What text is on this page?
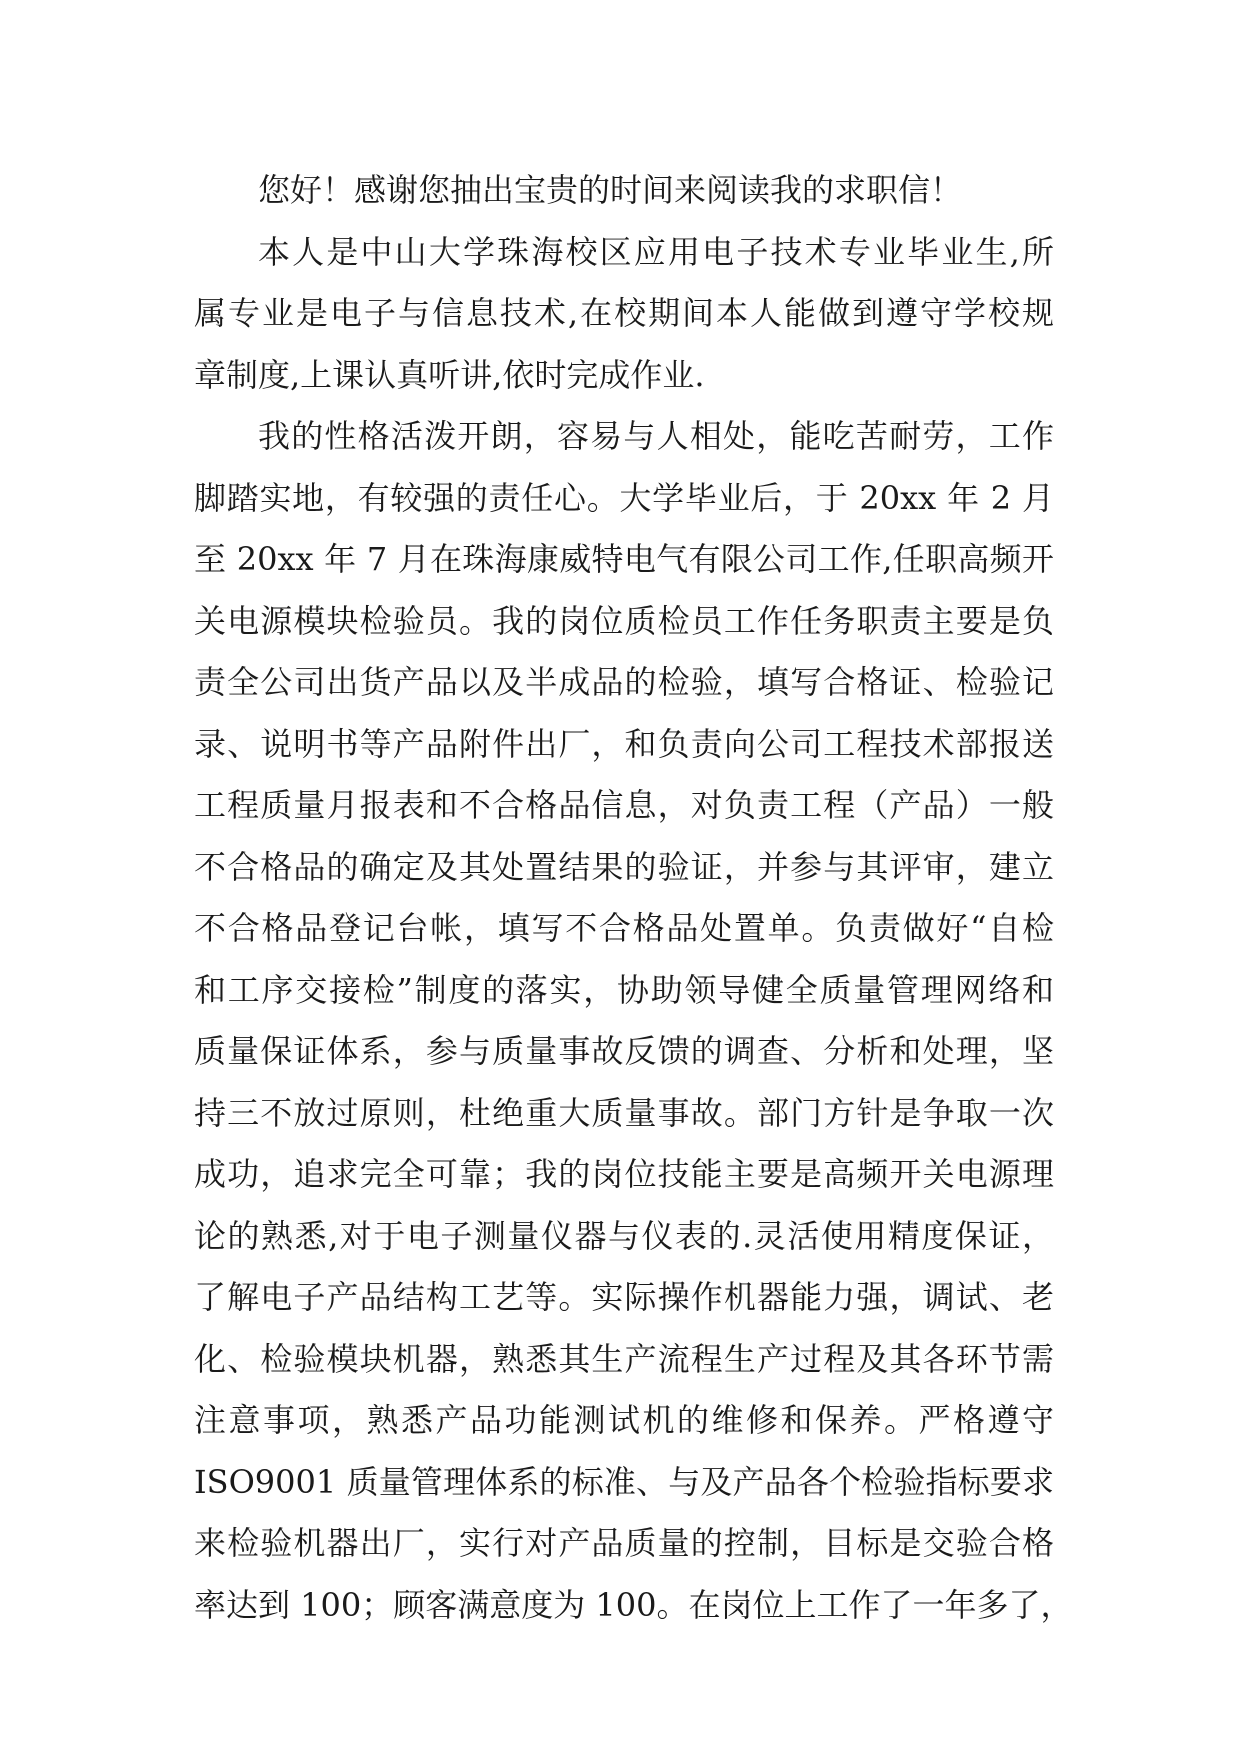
您好！感谢您抽出宝贵的时间来阅读我的求职信！
本人是中山大学珠海校区应用电子技术专业毕业生,所
属专业是电子与信息技术,在校期间本人能做到遵守学校规
章制度,上课认真听讲,依时完成作业.
我的性格活泼开朗，容易与人相处，能吃苦耐劳，工作
脚踏实地，有较强的责任心。大学毕业后，于 20xx 年 2 月
至 20xx 年 7 月在珠海康威特电气有限公司工作,任职高频开
关电源模块检验员。我的岗位质检员工作任务职责主要是负
责全公司出货产品以及半成品的检验，填写合格证、检验记
录、说明书等产品附件出厂，和负责向公司工程技术部报送
工程质量月报表和不合格品信息，对负责工程（产品）一般
不合格品的确定及其处置结果的验证，并参与其评审，建立
不合格品登记台帐，填写不合格品处置单。负责做好“自检
和工序交接检”制度的落实，协助领导健全质量管理网络和
质量保证体系，参与质量事故反馈的调查、分析和处理，坚
持三不放过原则，杜绝重大质量事故。部门方针是争取一次
成功，追求完全可靠；我的岗位技能主要是高频开关电源理
论的熟悉,对于电子测量仪器与仪表的.灵活使用精度保证，
了解电子产品结构工艺等。实际操作机器能力强，调试、老
化、检验模块机器，熟悉其生产流程生产过程及其各环节需
注意事项，熟悉产品功能测试机的维修和保养。严格遵守
ISO9001 质量管理体系的标准、与及产品各个检验指标要求
来检验机器出厂，实行对产品质量的控制，目标是交验合格
率达到 100；顾客满意度为 100。在岗位上工作了一年多了，
